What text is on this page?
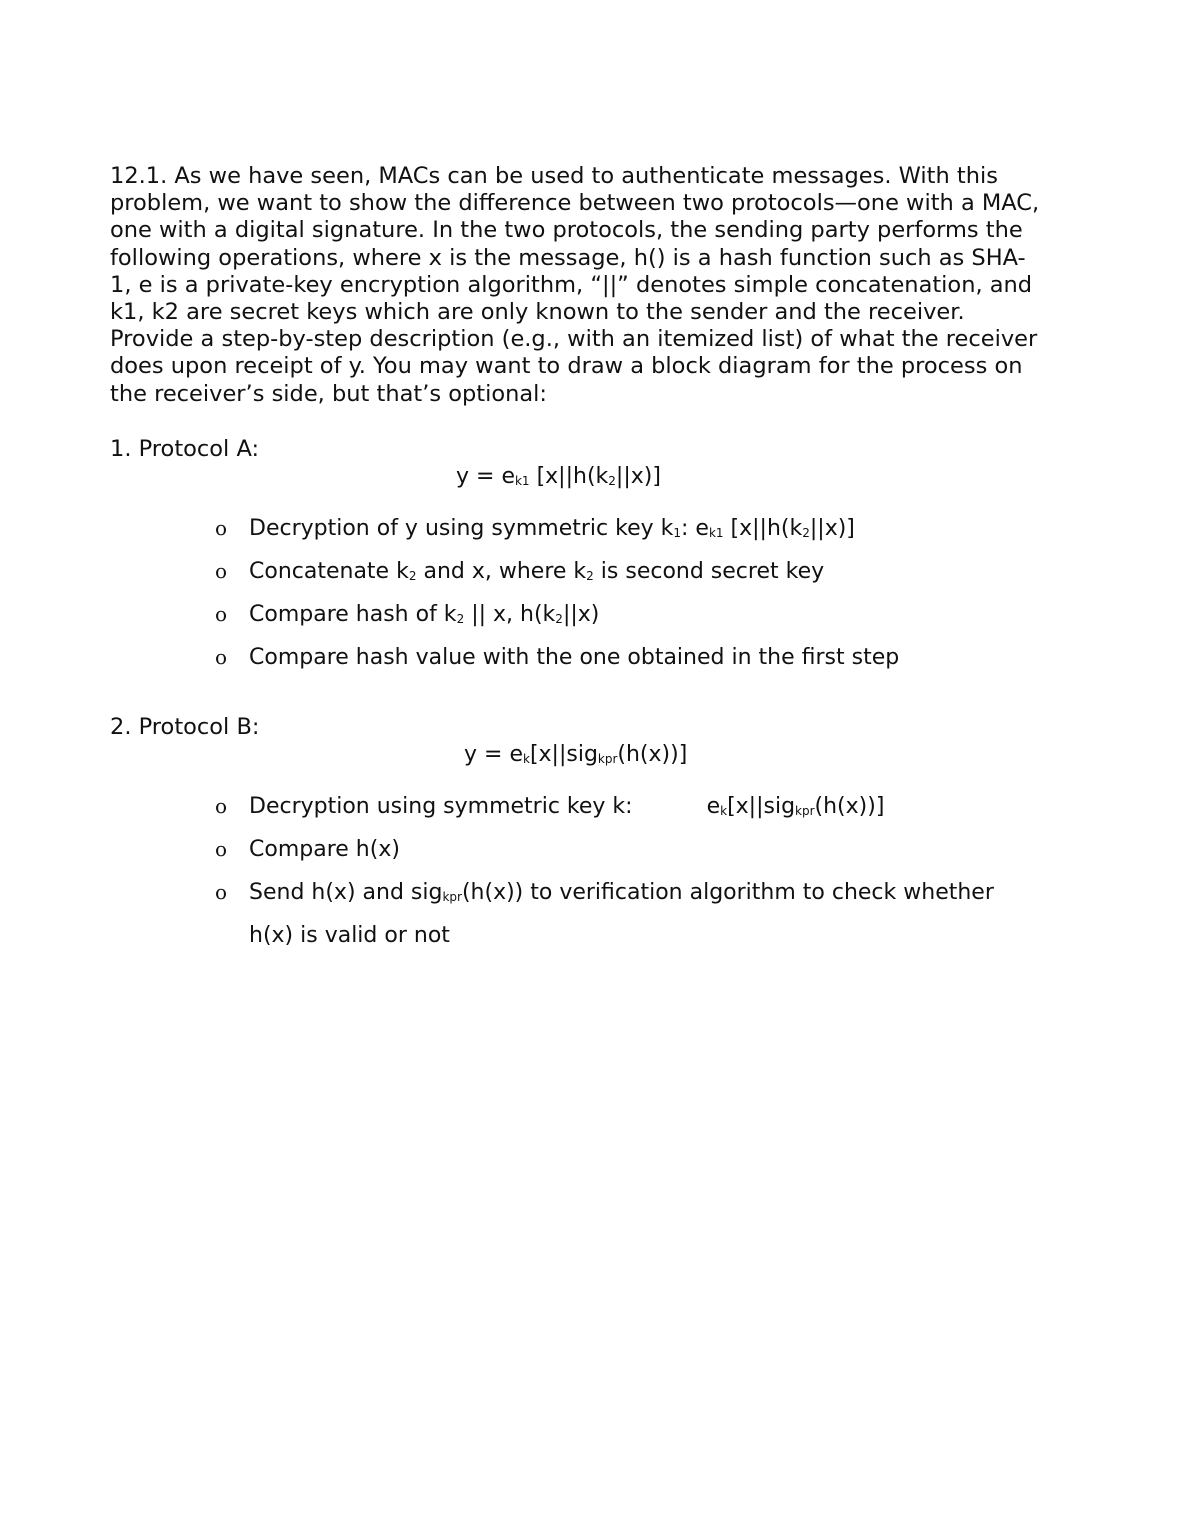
12.1. As we have seen, MACs can be used to authenticate messages. With this
problem, we want to show the difference between two protocols—one with a MAC,
one with a digital signature. In the two protocols, the sending party performs the
following operations, where x is the message, h() is a hash function such as SHA-
1, e is a private-key encryption algorithm, “||” denotes simple concatenation, and
k1, k2 are secret keys which are only known to the sender and the receiver.
Provide a step-by-step description (e.g., with an itemized list) of what the receiver
does upon receipt of y. You may want to draw a block diagram for the process on
the receiver’s side, but that’s optional:

1. Protocol A:

$y = e_{k1}$ $[x||h(k_2||x)]$
o Decryption of y using symmetric key $k_1$: $e_{k1}$ $[x||h(k_2||x)]$
o Concatenate $k_2$ and x, where $k_2$ is second secret key
o Compare hash of $k_2$ || x, $h(k_2||x)$
o Compare hash value with the one obtained in the first step

2. Protocol B:

$y = e_k[x||sig_{kpr}(h(x))]$
o Decryption using symmetric key k:	$e_k[x||sig_{kpr}(h(x))]$
o Compare h(x)
o Send h(x) and sig$_{kpr}$(h(x)) to verification algorithm to check whether
h(x) is valid or not
